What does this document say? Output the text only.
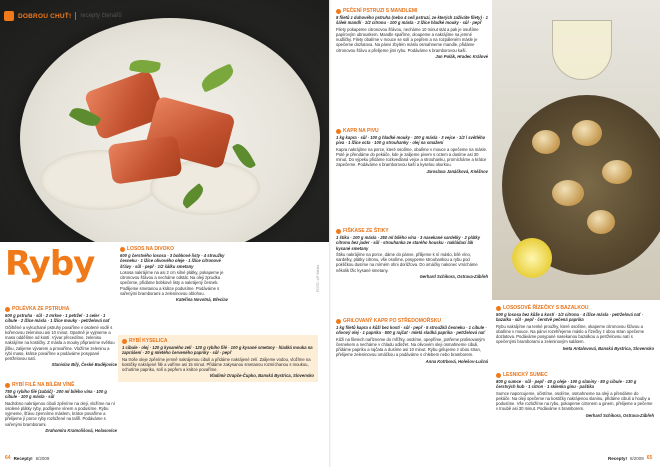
DOBROU CHUŤ! recepty čtenářů
FOTO: LIF Media
Ryby
POLÉVKA ZE PSTRUHA
500 g pstruha · sůl · 2 mrkve · 1 petržel · 1 celer · 1 cibule · 2 lžíce másla · 1 lžíce mouky · petrželová nať
Očištěné a vykuchané pstruhy povaříme v osolené vodě s kořenovou zeleninou asi 10 minut. Opatrně je vyjmeme a maso oddělíme od kostí. Vývar přecedíme, zeleninu nakrájíme na kostičky. Z másla a mouky připravíme světlou jíšku, zalijeme vývarem a provaříme. Vložíme zeleninu a rybí maso, krátce povaříme a podáváme posypané petrželovou natí.
Stanislav Bílý, České Budějovice
RYBÍ FILÉ NA BÍLÉM VÍNĚ
750 g rybího filé (zubáč) · 200 ml bílého vína · 100 g cibule · 100 g másla · sůl
Nadrobno nakrájenou cibuli zpěníme na oleji, vložíme na ní osolené plátky ryby, podlijeme vínem a podusíme. Rybu vyjmeme, šťávu zjemníme máslem, krátce povaříme a přelijeme jí porce ryby rozložené na talíři. Podáváme s vařenými bramborami.
Drahomíra Kramolišová, Holasovice
LOSOS NA DIVOKO
600 g čerstvého lososa · 3 bobkové listy · 4 stroužky česneku · 1 lžíce olivového oleje · 1 lžíce citronové šťávy · sůl · pepř · 1/2 šálku smetany
Lososa nakrájíme na asi 2 cm silné plátky, pokapeme je citronovou šťávou a necháme odstát. Na oleji zprudka opečeme, přidáme bobkové listy a nakrájený česnek. Podlijeme smetanou a krátce podusíme. Podáváme s vařenými bramborami a zeleninovou oblohou.
Kateřina Novotná, Břeclav
RYBÍ KYSELICA
1 cibule · olej · 120 g kysaného zelí · 120 g rybího filé · 100 g kysané smetany · hladká mouka na zaprášení · 20 g mletého červeného papriky · sůl · pepř
Na troše oleje zpěníme jemně nakrájenou cibuli a přidáme nakrájené zelí. Zalijeme vodou, vložíme na kostičky nakrájené filé a vaříme asi 15 minut. Přidáme zakysanou smetanou rozmíchanou s moukou, ochutíme papriku, solí a pepřem a krátce povaříme.
Vladimír Drapče-Čupko, Banská Bystrica, Slovensko
PEČENÍ PSTRUZI S MANDLEMI
8 filetů z duhového pstruha (nebo 4 celí pstruzi, ze kterých zažíváte filety) · 1 šálek mandlí · 1/2 citronu · 100 g másla · 2 lžíce hladké mouky · sůl · pepř
Filety pokapeme citronovou šťávou, necháme 10 minut stát a pak je osušíme papírovým ubrouskem. Mandle spaříme, oloupeme a nakrájíme na jemné nudličky. Filety obalíme v mouce se solí a pepřem a na rozpáleném másle je opečeme dozlatova. Na pánvi zbylém máslu osmahneme mandle, přidáme citronovou šťávu a přelijeme jimi rybu. Podáváme s bramborovou kaší.
Jan Polák, Hradec Králové
KAPR NA PIVU
1 kg kapra · sůl · 100 g hladké mouky · 100 g másla · 3 vejce · 1/2 l světlého piva · 1 lžíce octa · 100 g strouhanky · olej na smažení
Kapra nakrájíme na porce, které osolíme, obalíme v mouce a opečeme na másle. Poté je přendáme do pekáče, kde je zalijeme pivem s octem a dusíme asi 30 minut. Do výpeku přidáme rozkvedlaná vejce a strouhanku, promícháme a krátce zapečeme. Podáváme s bramborovou kaší a kyselou okurkou.
Jaroslava Janáčková, Kněžnov
FIŠKASE ZE ŠTIKY
1 štika · 100 g másla · 250 ml bílého vína · 3 nasekané sardelky · 2 plátky citronu bez jader · sůl · strouhanka ze starého housku · nakládací lák kysané smetany
Štiku nakrájíme na porce, dáme do pánve, přilijeme k ní máslo, bílé víno, sardelky, plátky citronu, vše osolíme, posypeme strouhankou a rybu pod pokličkou dusíme na mírném ohni dorůžova. Do omáčky nakonec vmícháme několik lžic kysané smetany.
Gerhard Schikora, Ostrava-Zábřeh
GRILOVANÝ KAPR PO STŘEDOMOŘSKU
1 kg filetů kapra s kůží bez kostí · sůl · pepř · 5 stroužků česneku · 1 cibule · olivový olej · 1 paprika · 500 g rajčat · mletá sladká paprika · petrželová nať
Kůži na filetech nařízneme do mřížky, osolíme, opepříme, potřeme prolisovaným česnekem a necháme v chladu odležet. Na olivovém oleji osmahneme cibuli, přidáme papriku a rajčata a dusíme asi 10 minut. Rybu grilujeme z obou stran, přelijeme zeleninovou omáčkou a podáváme s chlebem nebo bramborem.
Anna Kotrbová, Holešov-Lučná
LOSOSOVÉ ŘÍZEČKY S BAZALKOU
500 g lososa bez kůže a kostí · 1/2 citronu · 4 lžíce másla · petrželová nať · bazalka · sůl · pepř · čerstvě pečená paprika
Rybu nakrájíme na tenké proužky, které osolíme, okapeme citronovou šťávou a obalíme v mouce. Na pánvi rozehřejeme máslo a řízečky z obou stran opečeme dozlatova. Podáváme posypané nasekanou bazalkou a petrželovou natí s opečenými bramborami a zeleninovým salátem.
Iveta Antalovová, Banská Bystrica, Slovensko
LESNICKÝ SUMEC
800 g sumce · sůl · pepř · 40 g oleje · 100 g slaniny · 80 g cibule · 130 g čerstvých hub · 1 citron · 1 sklenka ginu · paštika
Sumce naporcujeme, očistíme, osolíme, osmahneme na oleji a přendáme do pekáče. Na oleji opečeme na kostičky nakrájenou slaninu, přidáme cibuli a houby a podusíme. Vše rozložíme na rybu, pokapeme citronem a ginem, přelijeme a pečeme v troubě asi 30 minut. Podáváme s bramborem.
Gerhard Schikora, Ostrava-Zábřeh
64 Recepty! 8/2009	Recepty! 8/2009 65
